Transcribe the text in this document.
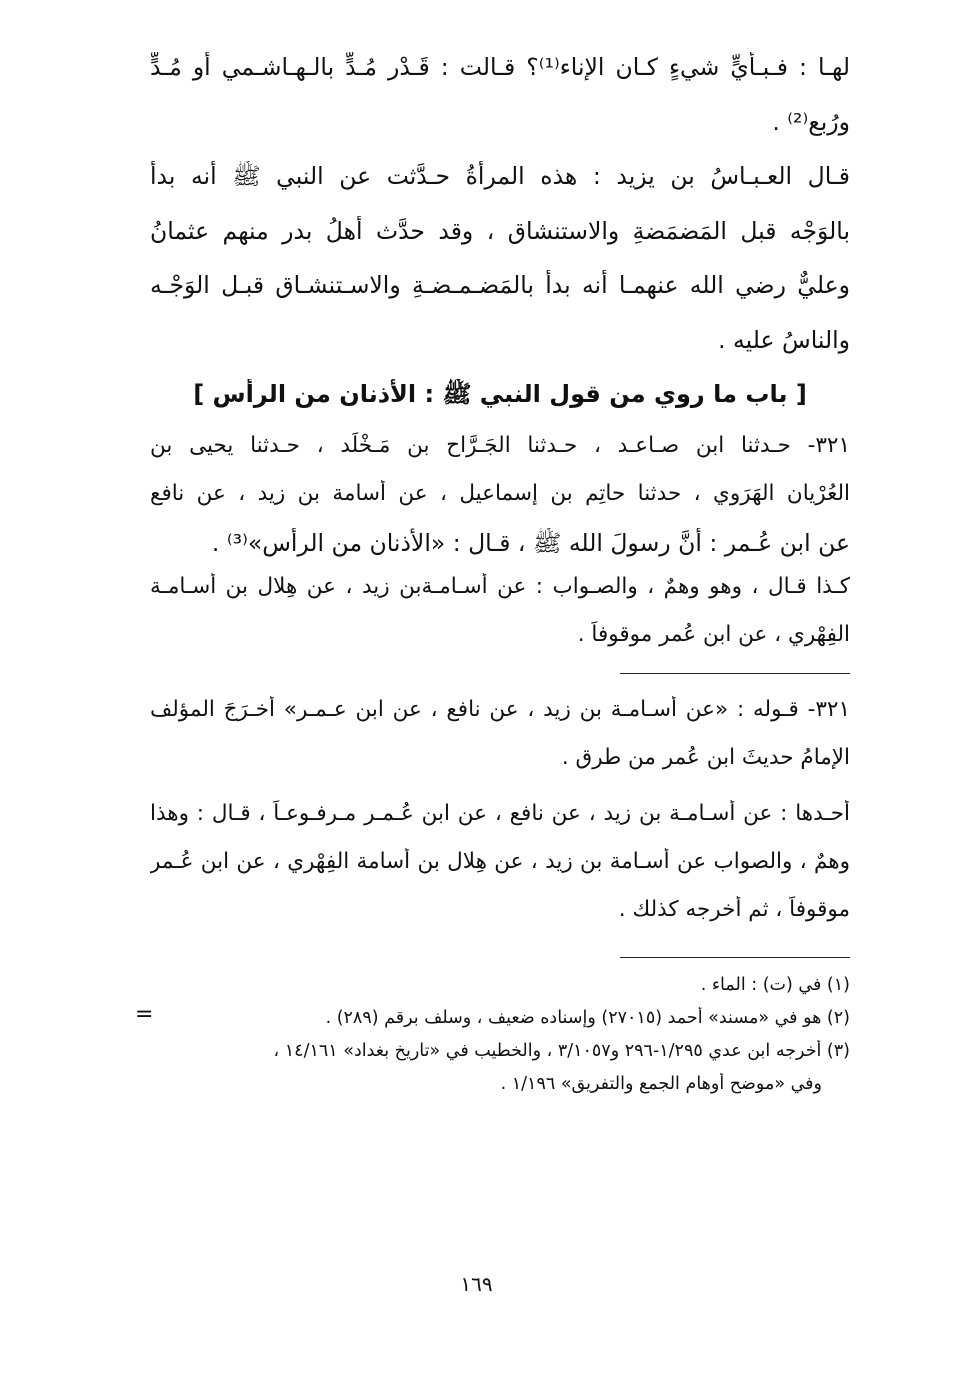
لهـا : فـبـأيٍّ شيءٍ كـان الإناء⁽¹⁾؟ قـالت : قَـدْر مُـدٍّ بالـهـاشـمي أو مُـدٍّ
ورُبع⁽²⁾ .
قـال العـبـاسُ بن يزيد : هذه المرأةُ حـدَّثت عن النبي ﷺ أنه بدأ
بالوَجْه قبل المَضمَضةِ والاستنشاق ، وقد حدَّث أهلُ بدر منهم عثمانُ
وعليٌّ رضي الله عنهمـا أنه بدأ بالمَضـمـضـةِ والاسـتنشـاق قبـل الوَجْـه
والناسُ عليه .
[ باب ما روي من قول النبي ﷺ : الأُذنان من الرأس ]
٣٢١- حـدثنا ابن صـاعـد ، حـدثنا الجَـرَّاح بن مَـخْلَد ، حـدثنا يحيى بن
العُرْيان الهَرَوي ، حدثنا حاتِم بن إسماعيل ، عن أسامة بن زيد ، عن نافع
عن ابن عُـمر : أنَّ رسولَ الله ﷺ ، قـال : «الأُذنان من الرأس»⁽³⁾ .
كـذا قـال ، وهو وهمٌ ، والصـواب : عن أُسـامـةبن زيد ، عن هِلال بن أسـامـة
الفِهْري ، عن ابن عُمر موقوفاً .
٣٢١- قـوله : «عن أسـامـة بن زيد ، عن نافع ، عن ابن عـمـر» أخـرَجَ المؤلف
الإمامُ حديثَ ابن عُمر من طرق .
أحـدها : عن أسـامـة بن زيد ، عن نافع ، عن ابن عُـمـر مـرفـوعـاً ، قـال : وهذا
وهمٌ ، والصواب عن أسـامة بن زيد ، عن هِلال بن أسامة الفِهْري ، عن ابن عُـمر
موقوفاً ، ثم أخرجه كذلك .
(١) في (ت) : الماء .
(٢) هو في «مسند» أحمد (٢٧٠١٥) وإسناده ضعيف ، وسلف برقم (٢٨٩) .
(٣) أخرجه ابن عدي ١/٢٩٥-٢٩٦ و٣/١٠٥٧ ، والخطيب في «تاريخ بغداد» ١٤/١٦١ ،
وفي «موضح أوهام الجمع والتفريق» ١/١٩٦ .
=
١٦٩
